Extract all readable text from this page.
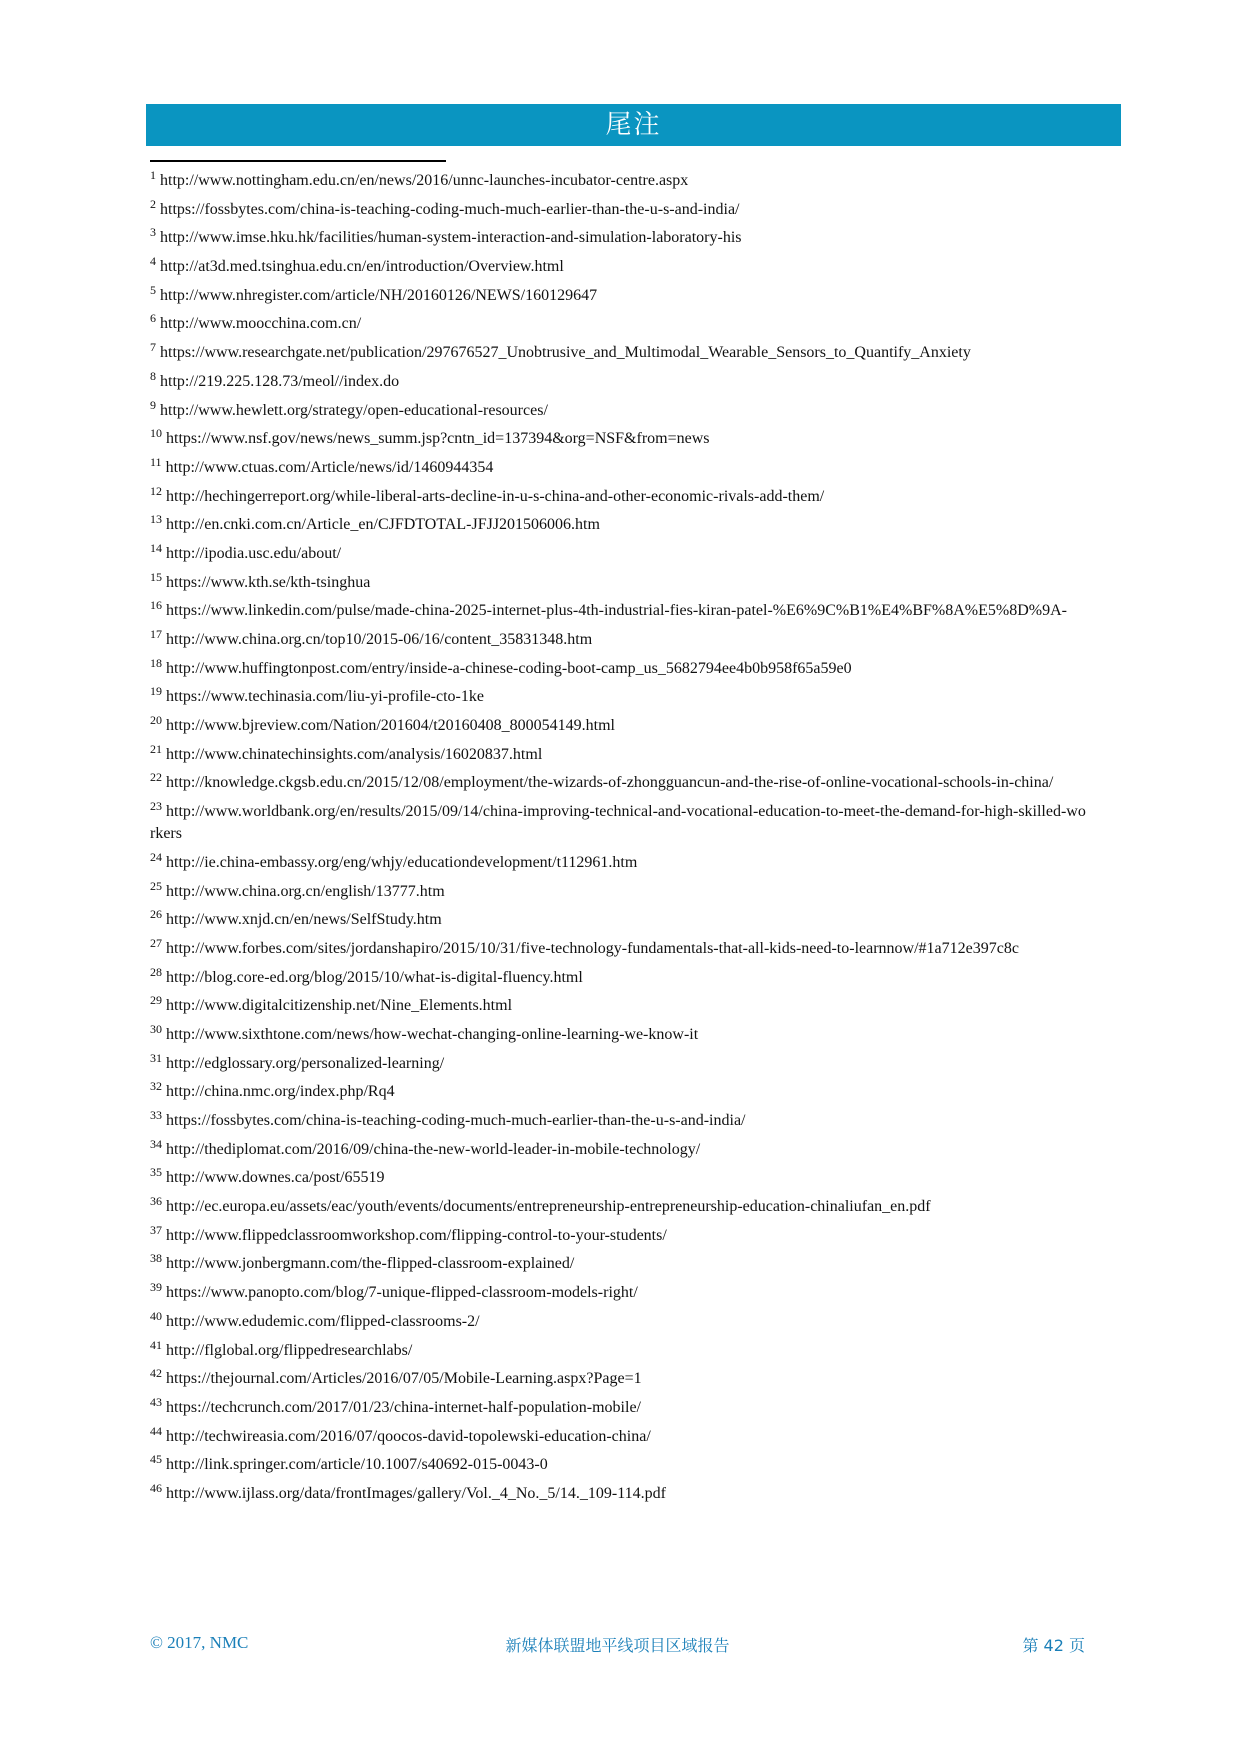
尾注
$^1$ http://www.nottingham.edu.cn/en/news/2016/unnc-launches-incubator-centre.aspx
$^2$ https://fossbytes.com/china-is-teaching-coding-much-much-earlier-than-the-u-s-and-india/
$^3$ http://www.imse.hku.hk/facilities/human-system-interaction-and-simulation-laboratory-his
$^4$ http://at3d.med.tsinghua.edu.cn/en/introduction/Overview.html
$^5$ http://www.nhregister.com/article/NH/20160126/NEWS/160129647
$^6$ http://www.moocchina.com.cn/
$^7$ https://www.researchgate.net/publication/297676527_Unobtrusive_and_Multimodal_Wearable_Sensors_to_Quantify_Anxiety
$^8$ http://219.225.128.73/meol//index.do
$^9$ http://www.hewlett.org/strategy/open-educational-resources/
$^{10}$ https://www.nsf.gov/news/news_summ.jsp?cntn_id=137394&org=NSF&from=news
$^{11}$ http://www.ctuas.com/Article/news/id/1460944354
$^{12}$ http://hechingerreport.org/while-liberal-arts-decline-in-u-s-china-and-other-economic-rivals-add-them/
$^{13}$ http://en.cnki.com.cn/Article_en/CJFDTOTAL-JFJJ201506006.htm
$^{14}$ http://ipodia.usc.edu/about/
$^{15}$ https://www.kth.se/kth-tsinghua
$^{16}$ https://www.linkedin.com/pulse/made-china-2025-internet-plus-4th-industrial-fies-kiran-patel-%E6%9C%B1%E4%BF%8A%E5%8D%9A-
$^{17}$ http://www.china.org.cn/top10/2015-06/16/content_35831348.htm
$^{18}$ http://www.huffingtonpost.com/entry/inside-a-chinese-coding-boot-camp_us_5682794ee4b0b958f65a59e0
$^{19}$ https://www.techinasia.com/liu-yi-profile-cto-1ke
$^{20}$ http://www.bjreview.com/Nation/201604/t20160408_800054149.html
$^{21}$ http://www.chinatechinsights.com/analysis/16020837.html
$^{22}$ http://knowledge.ckgsb.edu.cn/2015/12/08/employment/the-wizards-of-zhongguancun-and-the-rise-of-online-vocational-schools-in-china/
$^{23}$ http://www.worldbank.org/en/results/2015/09/14/china-improving-technical-and-vocational-education-to-meet-the-demand-for-high-skilled-workers
$^{24}$ http://ie.china-embassy.org/eng/whjy/educationdevelopment/t112961.htm
$^{25}$ http://www.china.org.cn/english/13777.htm
$^{26}$ http://www.xnjd.cn/en/news/SelfStudy.htm
$^{27}$ http://www.forbes.com/sites/jordanshapiro/2015/10/31/five-technology-fundamentals-that-all-kids-need-to-learnnow/#1a712e397c8c
$^{28}$ http://blog.core-ed.org/blog/2015/10/what-is-digital-fluency.html
$^{29}$ http://www.digitalcitizenship.net/Nine_Elements.html
$^{30}$ http://www.sixthtone.com/news/how-wechat-changing-online-learning-we-know-it
$^{31}$ http://edglossary.org/personalized-learning/
$^{32}$ http://china.nmc.org/index.php/Rq4
$^{33}$ https://fossbytes.com/china-is-teaching-coding-much-much-earlier-than-the-u-s-and-india/
$^{34}$ http://thediplomat.com/2016/09/china-the-new-world-leader-in-mobile-technology/
$^{35}$ http://www.downes.ca/post/65519
$^{36}$ http://ec.europa.eu/assets/eac/youth/events/documents/entrepreneurship-entrepreneurship-education-chinaliufan_en.pdf
$^{37}$ http://www.flippedclassroomworkshop.com/flipping-control-to-your-students/
$^{38}$ http://www.jonbergmann.com/the-flipped-classroom-explained/
$^{39}$ https://www.panopto.com/blog/7-unique-flipped-classroom-models-right/
$^{40}$ http://www.edudemic.com/flipped-classrooms-2/
$^{41}$ http://flglobal.org/flippedresearchlabs/
$^{42}$ https://thejournal.com/Articles/2016/07/05/Mobile-Learning.aspx?Page=1
$^{43}$ https://techcrunch.com/2017/01/23/china-internet-half-population-mobile/
$^{44}$ http://techwireasia.com/2016/07/qoocos-david-topolewski-education-china/
$^{45}$ http://link.springer.com/article/10.1007/s40692-015-0043-0
$^{46}$ http://www.ijlass.org/data/frontImages/gallery/Vol._4_No._5/14._109-114.pdf
© 2017, NMC	新媒体联盟地平线项目区域报告	第 42 页
